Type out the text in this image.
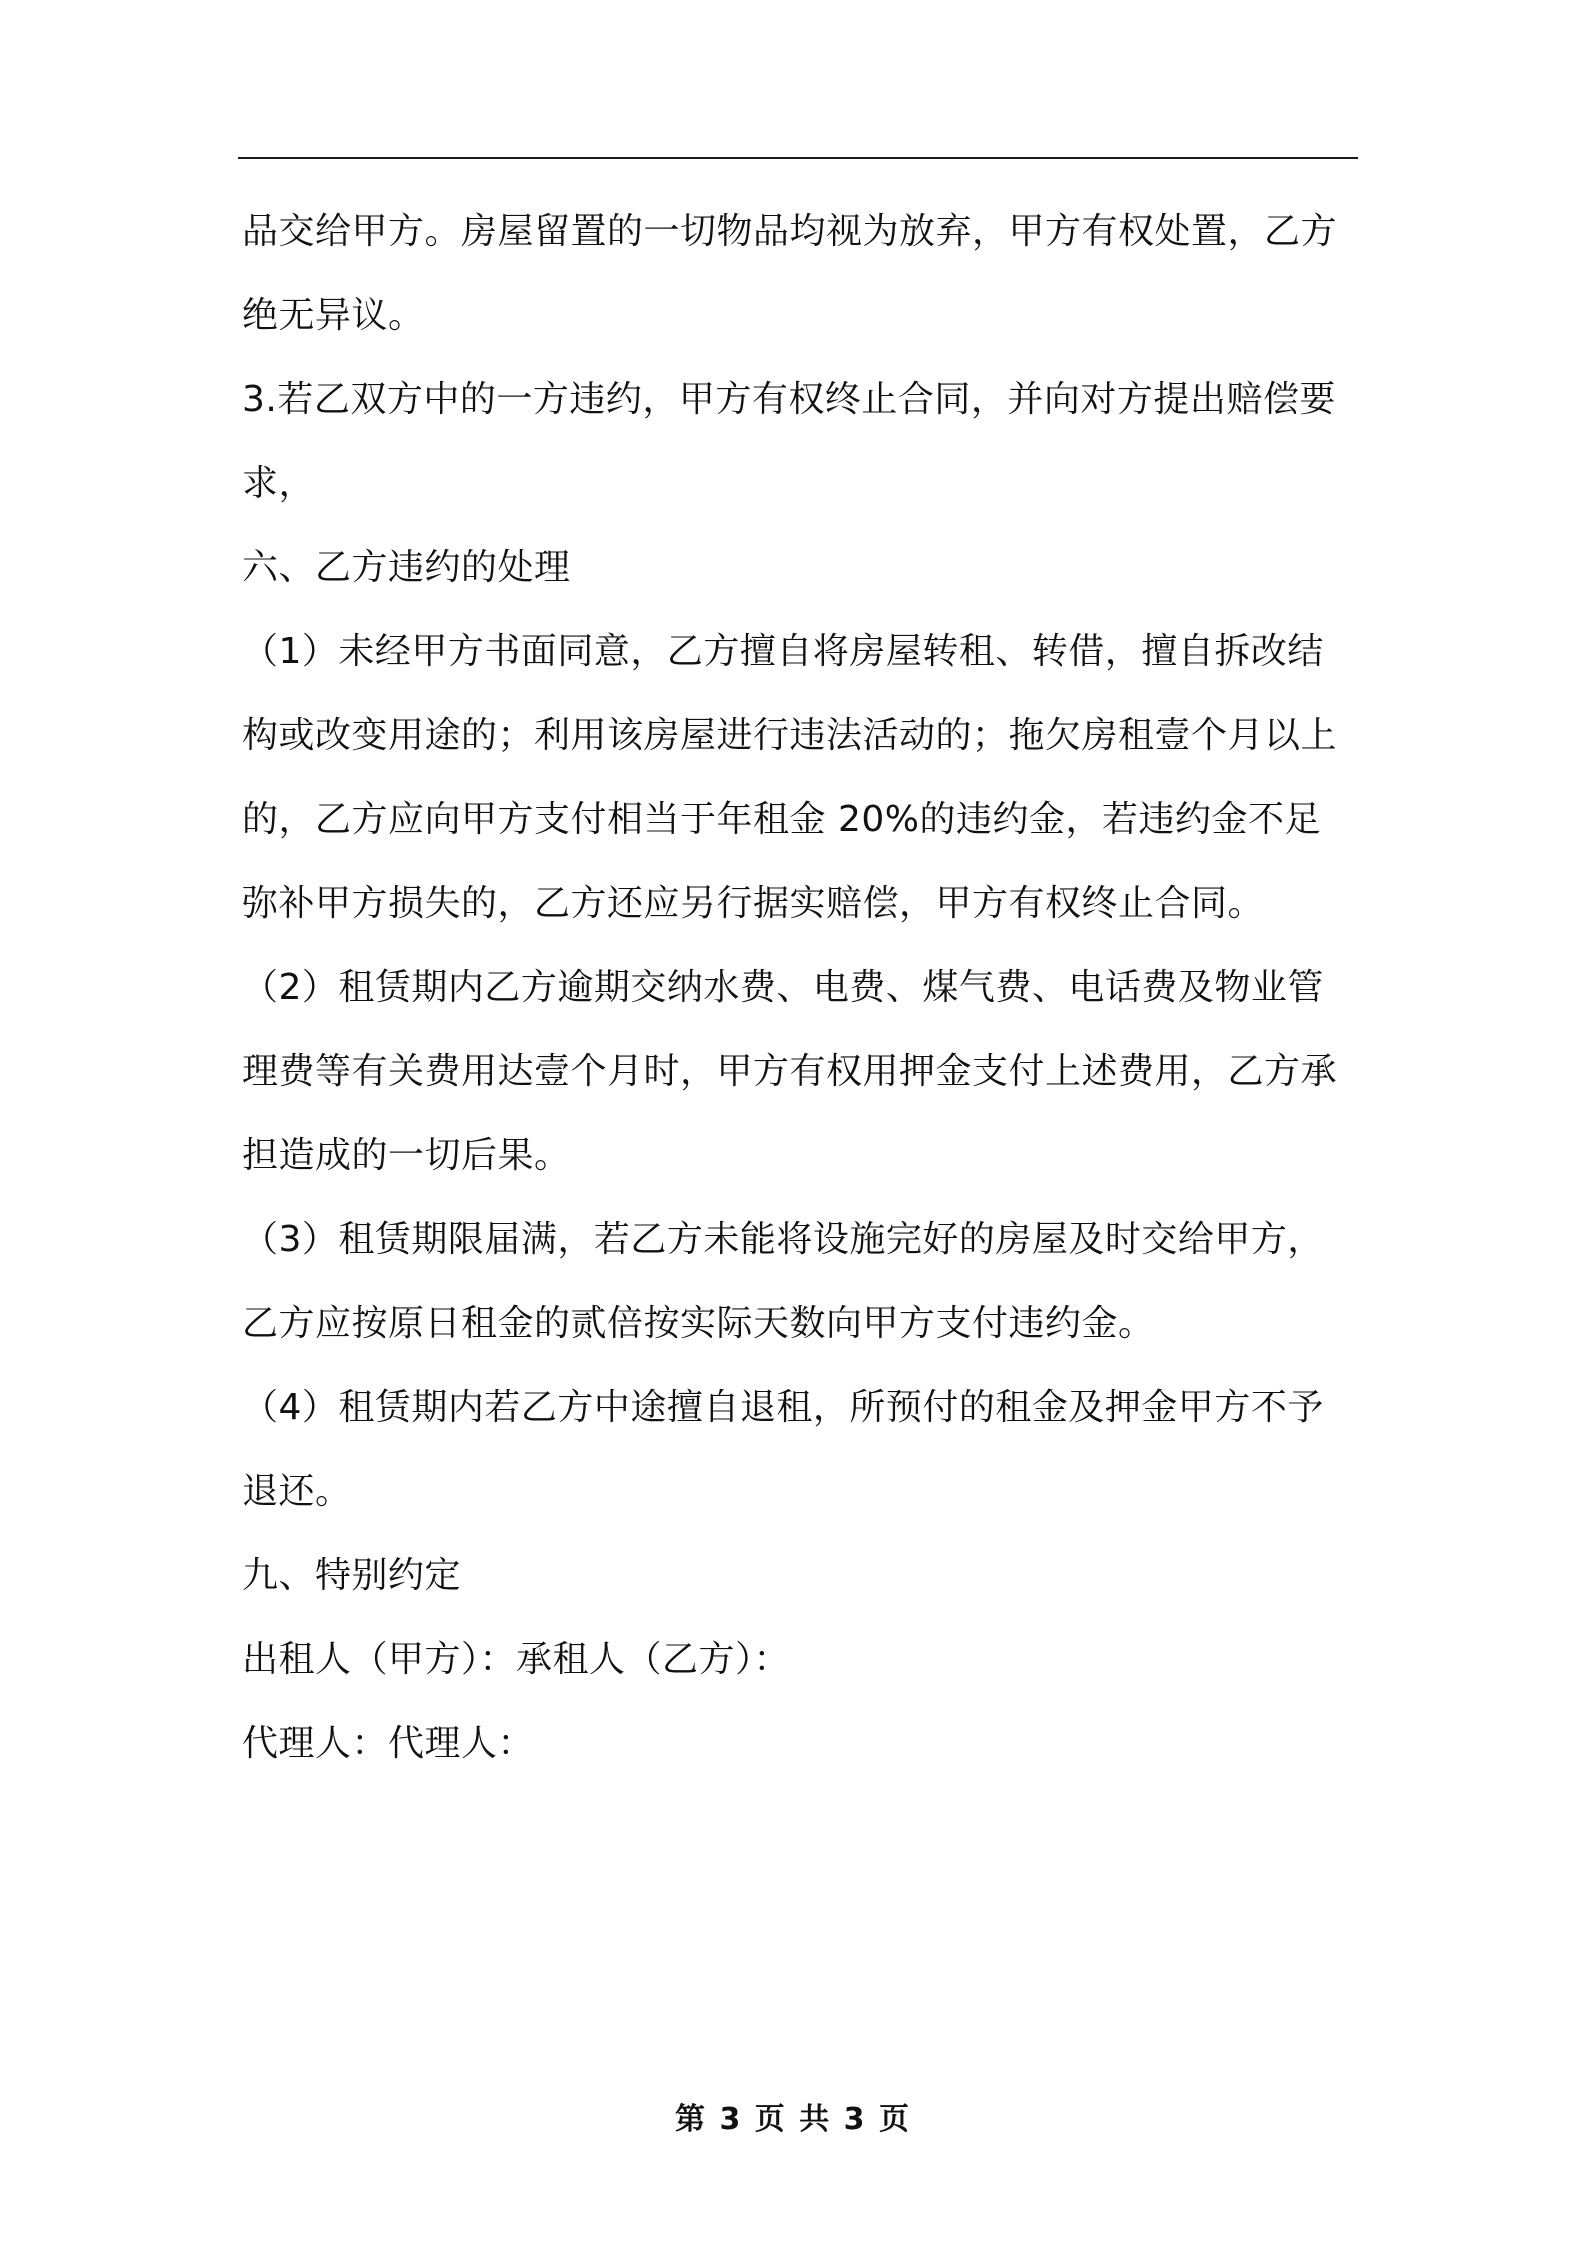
品交给甲方。房屋留置的一切物品均视为放弃，甲方有权处置，乙方
绝无异议。
3.若乙双方中的一方违约，甲方有权终止合同，并向对方提出赔偿要
求，
六、乙方违约的处理
（1）未经甲方书面同意，乙方擅自将房屋转租、转借，擅自拆改结
构或改变用途的；利用该房屋进行违法活动的；拖欠房租壹个月以上
的，乙方应向甲方支付相当于年租金 20%的违约金，若违约金不足
弥补甲方损失的，乙方还应另行据实赔偿，甲方有权终止合同。
（2）租赁期内乙方逾期交纳水费、电费、煤气费、电话费及物业管
理费等有关费用达壹个月时，甲方有权用押金支付上述费用，乙方承
担造成的一切后果。
（3）租赁期限届满，若乙方未能将设施完好的房屋及时交给甲方，
乙方应按原日租金的贰倍按实际天数向甲方支付违约金。
（4）租赁期内若乙方中途擅自退租，所预付的租金及押金甲方不予
退还。
九、特别约定
出租人（甲方）：承租人（乙方）：
代理人：代理人：
第 3 页 共 3 页
